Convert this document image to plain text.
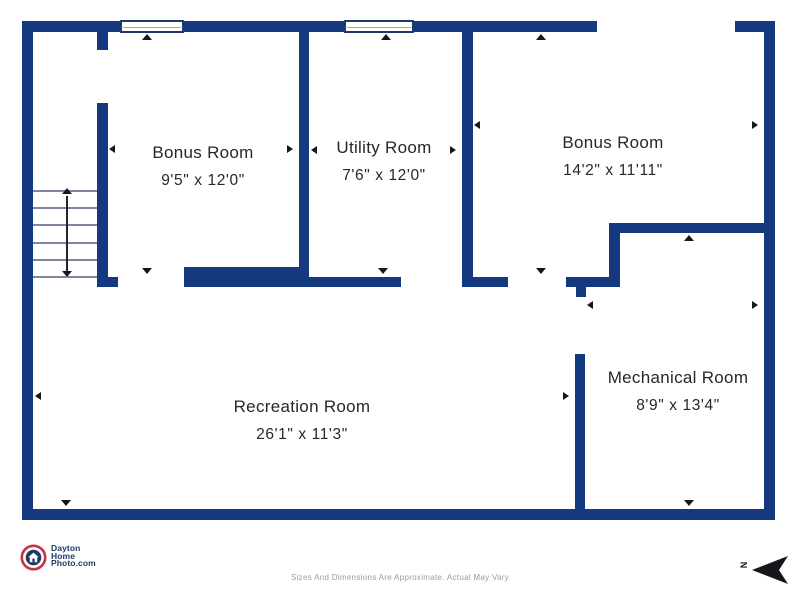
Bonus Room
9'5" x 12'0"
Utility Room
7'6" x 12'0"
Bonus Room
14'2" x 11'11"
Recreation Room
26'1" x 11'3"
Mechanical Room
8'9" x 13'4"
Dayton
Home
Photo.com
Sizes And Dimensions Are Approximate. Actual May Vary
N
